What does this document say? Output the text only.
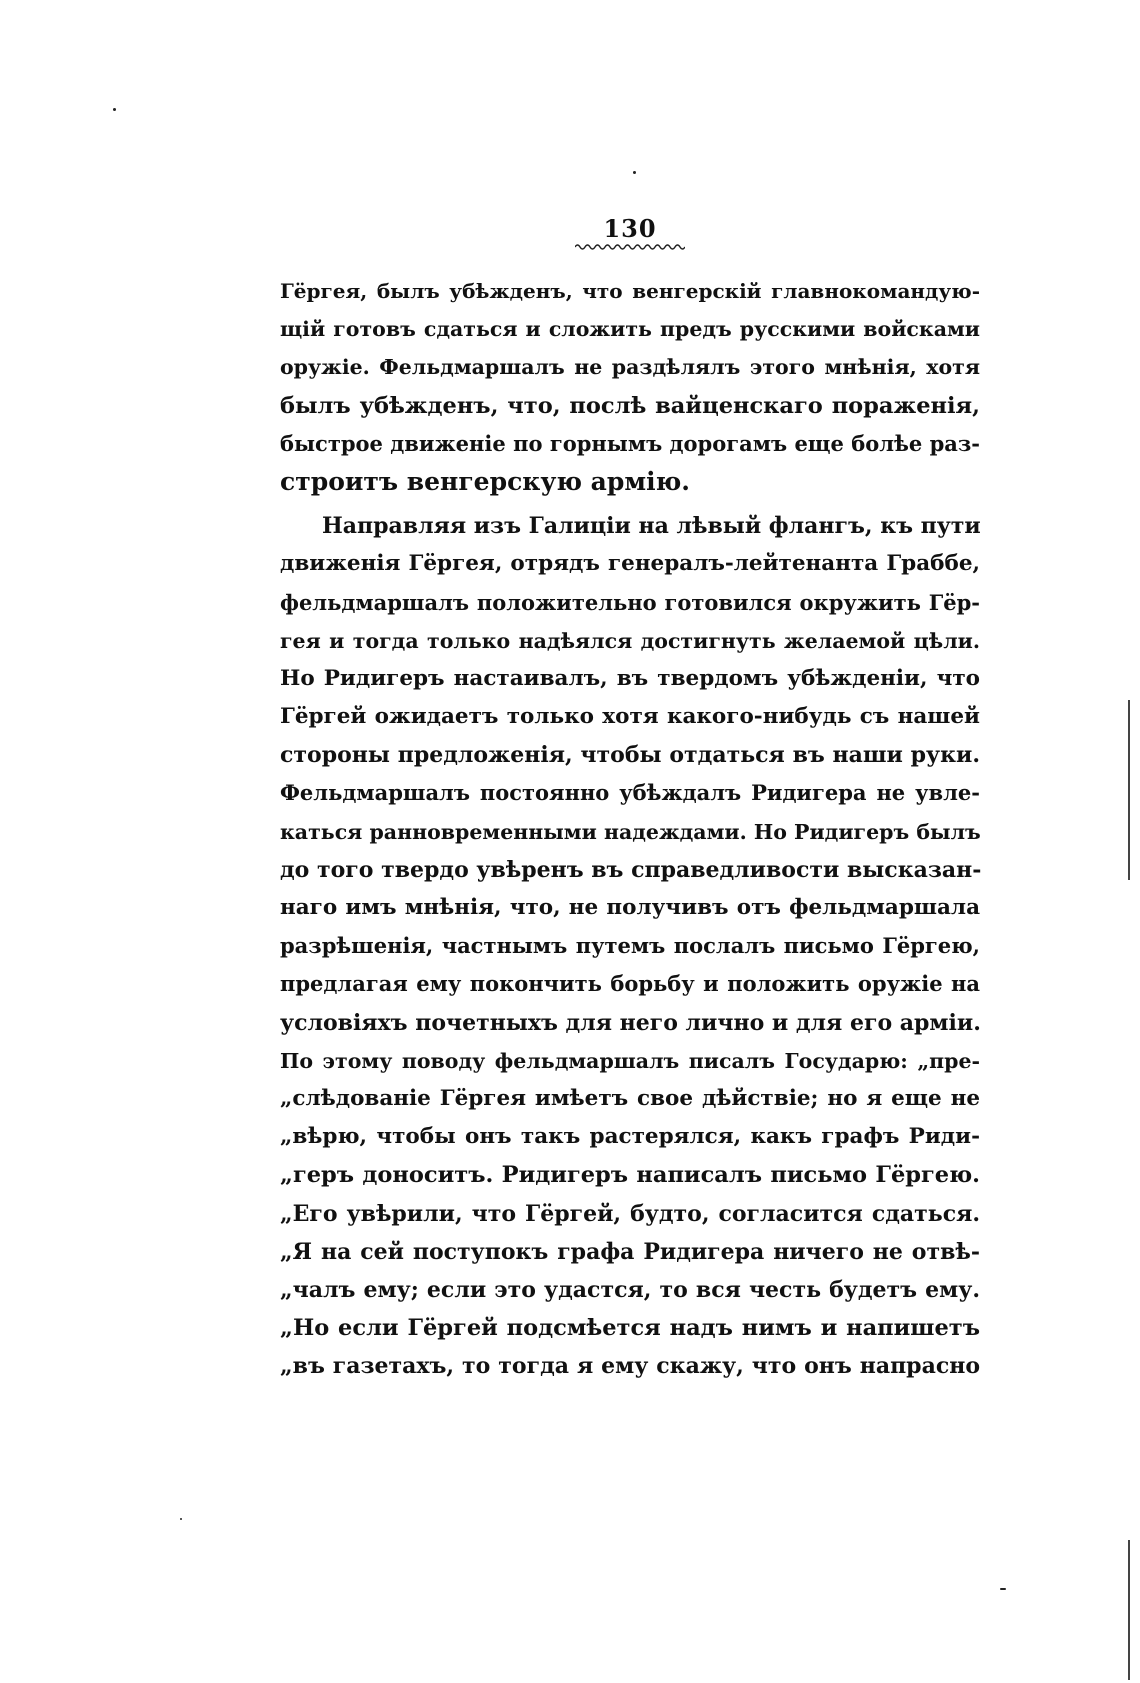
130
Гёргея, былъ убѣжденъ, что венгерскій главнокомандую-
щій готовъ сдаться и сложить предъ русскими войсками
оружіе. Фельдмаршалъ не раздѣлялъ этого мнѣнія, хотя
былъ убѣжденъ, что, послѣ вайценскаго пораженія,
быстрое движеніе по горнымъ дорогамъ еще болѣе раз-
строитъ венгерскую армію.
Направляя изъ Галиціи на лѣвый флангъ, къ пути
движенія Гёргея, отрядъ генералъ-лейтенанта Граббе,
фельдмаршалъ положительно готовился окружить Гёр-
гея и тогда только надѣялся достигнуть желаемой цѣли.
Но Ридигеръ настаивалъ, въ твердомъ убѣжденіи, что
Гёргей ожидаетъ только хотя какого-нибудь съ нашей
стороны предложенія, чтобы отдаться въ наши руки.
Фельдмаршалъ постоянно убѣждалъ Ридигера не увле-
каться ранновременными надеждами. Но Ридигеръ былъ
до того твердо увѣренъ въ справедливости высказан-
наго имъ мнѣнія, что, не получивъ отъ фельдмаршала
разрѣшенія, частнымъ путемъ послалъ письмо Гёргею,
предлагая ему покончить борьбу и положить оружіе на
условіяхъ почетныхъ для него лично и для его арміи.
По этому поводу фельдмаршалъ писалъ Государю: „пре-
„слѣдованіе Гёргея имѣетъ свое дѣйствіе; но я еще не
„вѣрю, чтобы онъ такъ растерялся, какъ графъ Риди-
„геръ доноситъ. Ридигеръ написалъ письмо Гёргею.
„Его увѣрили, что Гёргей, будто, согласится сдаться.
„Я на сей поступокъ графа Ридигера ничего не отвѣ-
„чалъ ему; если это удастся, то вся честь будетъ ему.
„Но если Гёргей подсмѣется надъ нимъ и напишетъ
„въ газетахъ, то тогда я ему скажу, что онъ напрасно
